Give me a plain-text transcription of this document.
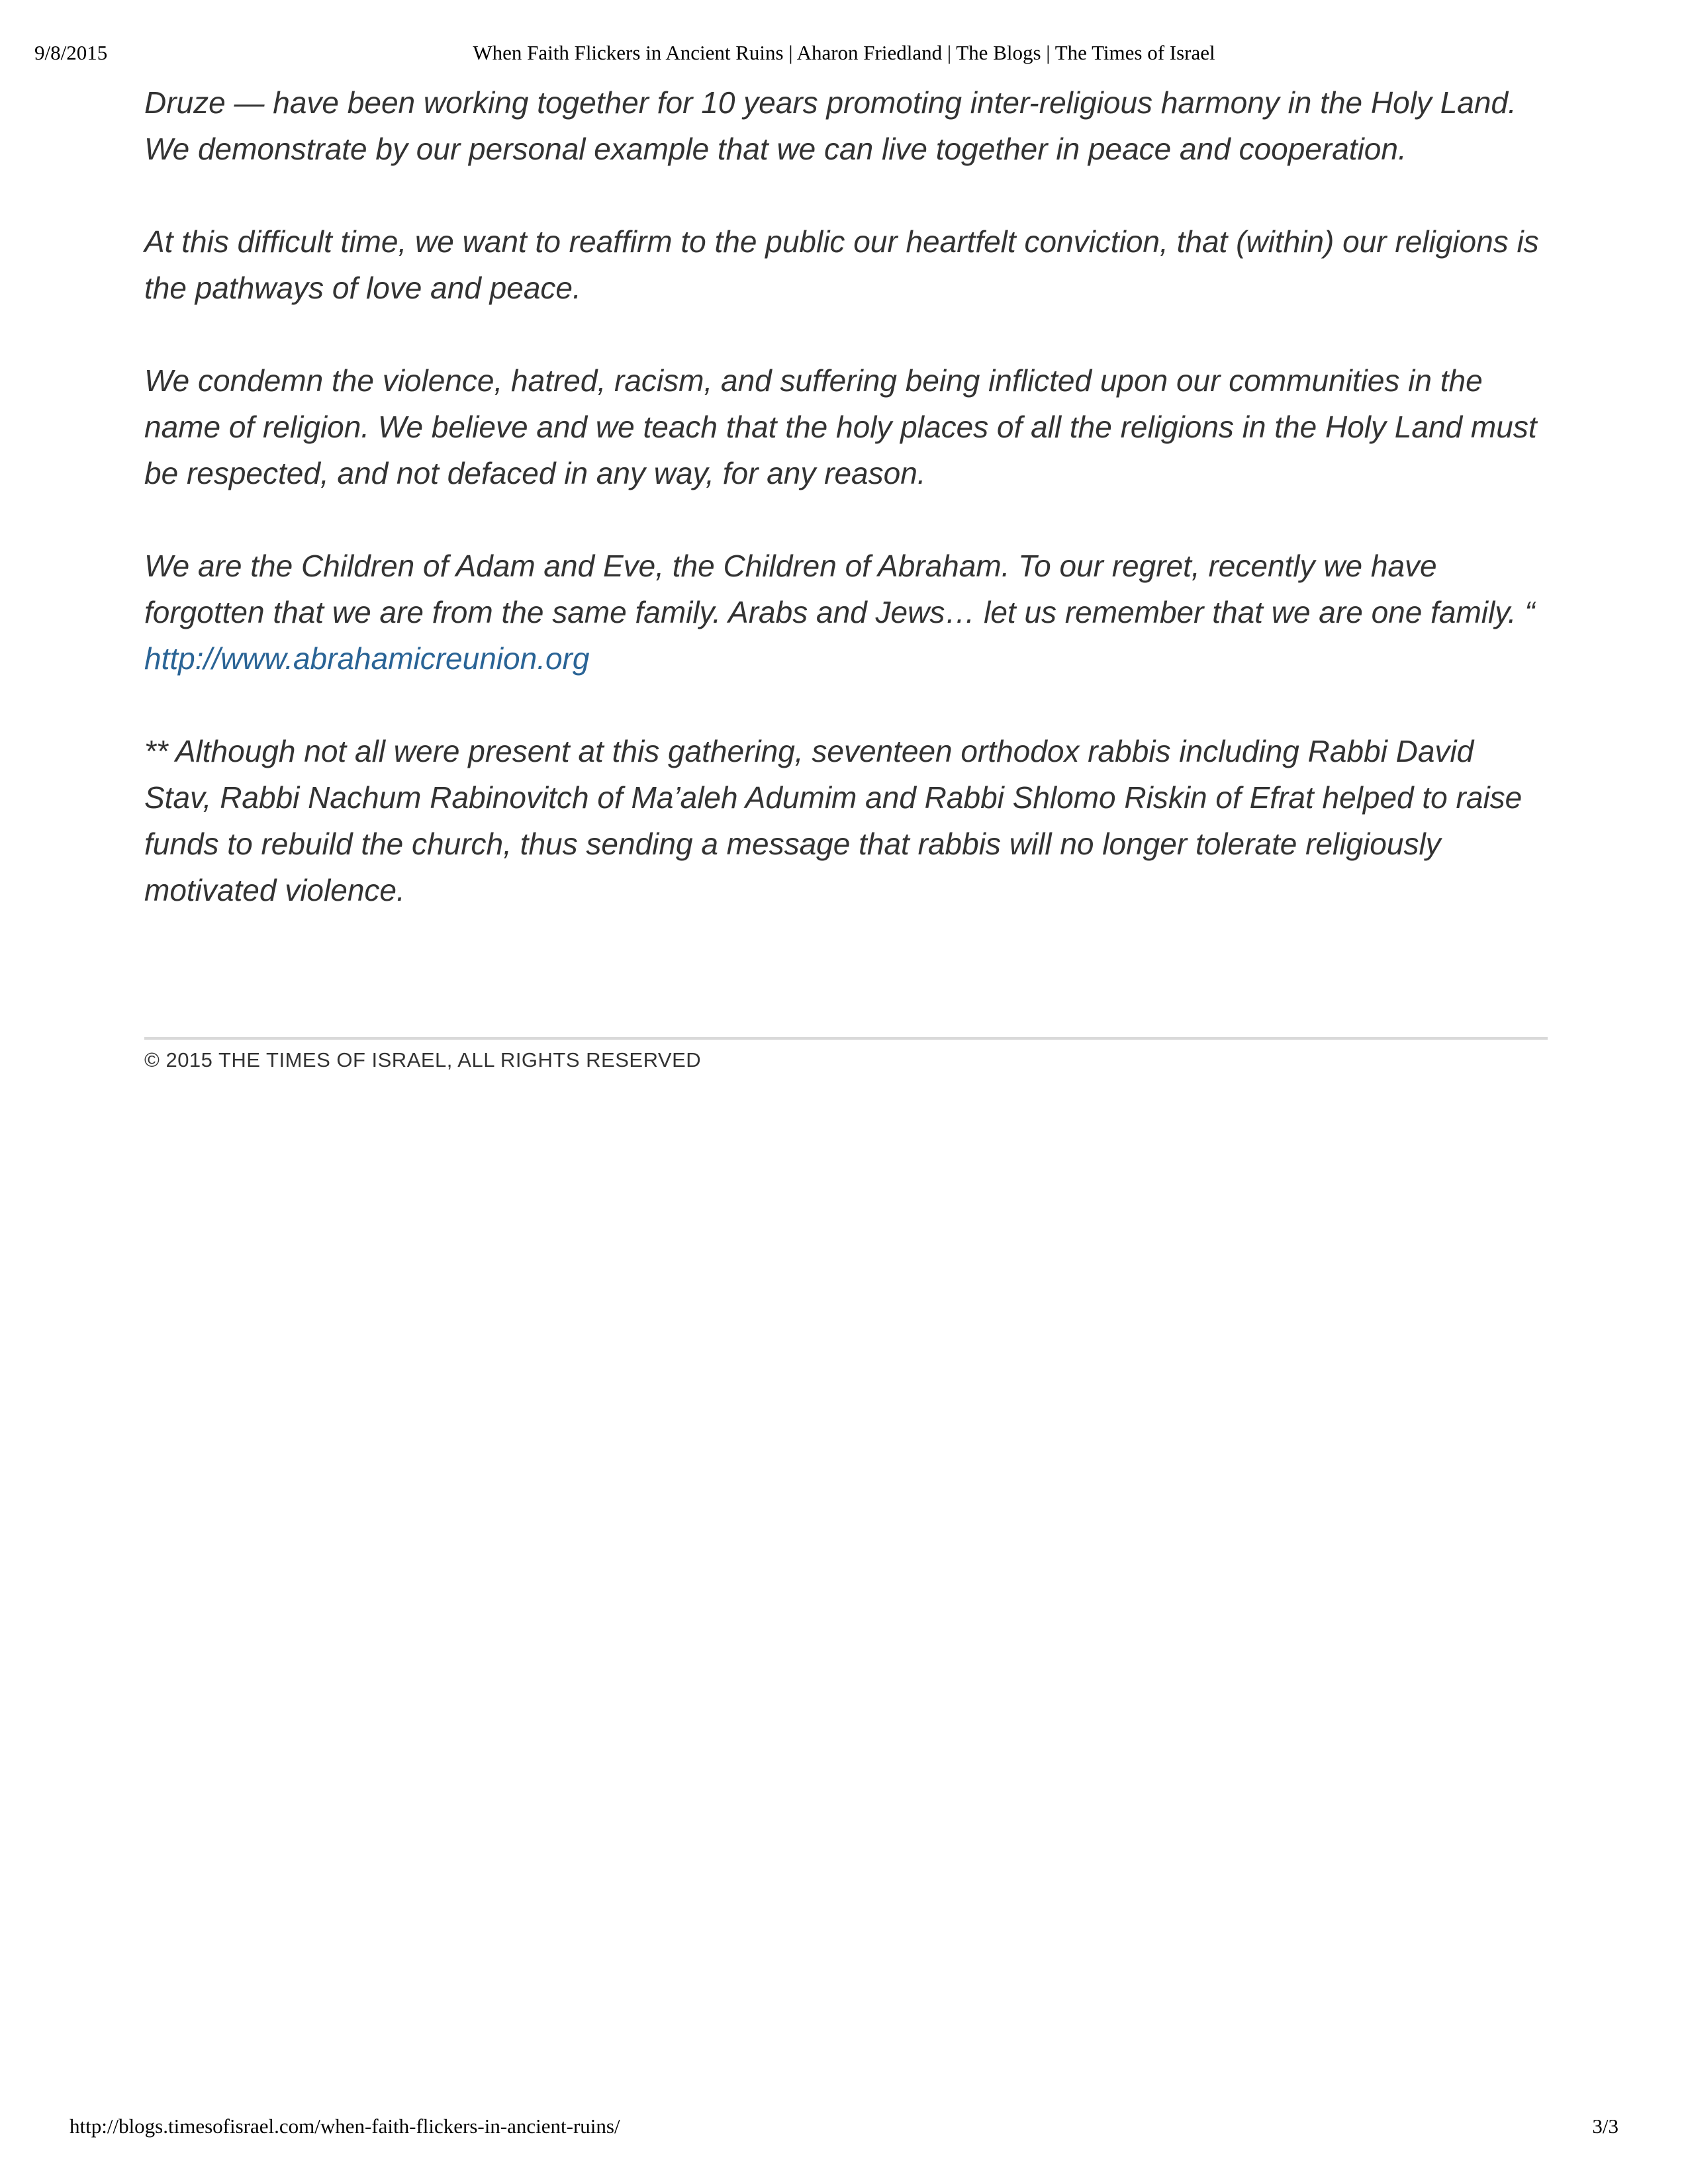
9/8/2015	When Faith Flickers in Ancient Ruins | Aharon Friedland | The Blogs | The Times of Israel

Druze — have been working together for 10 years promoting inter-religious harmony in the Holy Land. We demonstrate by our personal example that we can live together in peace and cooperation.

At this difficult time, we want to reaffirm to the public our heartfelt conviction, that (within) our religions is the pathways of love and peace.

We condemn the violence, hatred, racism, and suffering being inflicted upon our communities in the name of religion. We believe and we teach that the holy places of all the religions in the Holy Land must be respected, and not defaced in any way, for any reason.

We are the Children of Adam and Eve, the Children of Abraham. To our regret, recently we have forgotten that we are from the same family. Arabs and Jews… let us remember that we are one family. “ http://www.abrahamicreunion.org

** Although not all were present at this gathering, seventeen orthodox rabbis including Rabbi David Stav, Rabbi Nachum Rabinovitch of Ma’aleh Adumim and Rabbi Shlomo Riskin of Efrat helped to raise funds to rebuild the church, thus sending a message that rabbis will no longer tolerate religiously motivated violence.

© 2015 THE TIMES OF ISRAEL, ALL RIGHTS RESERVED
http://blogs.timesofisrael.com/when-faith-flickers-in-ancient-ruins/	3/3
